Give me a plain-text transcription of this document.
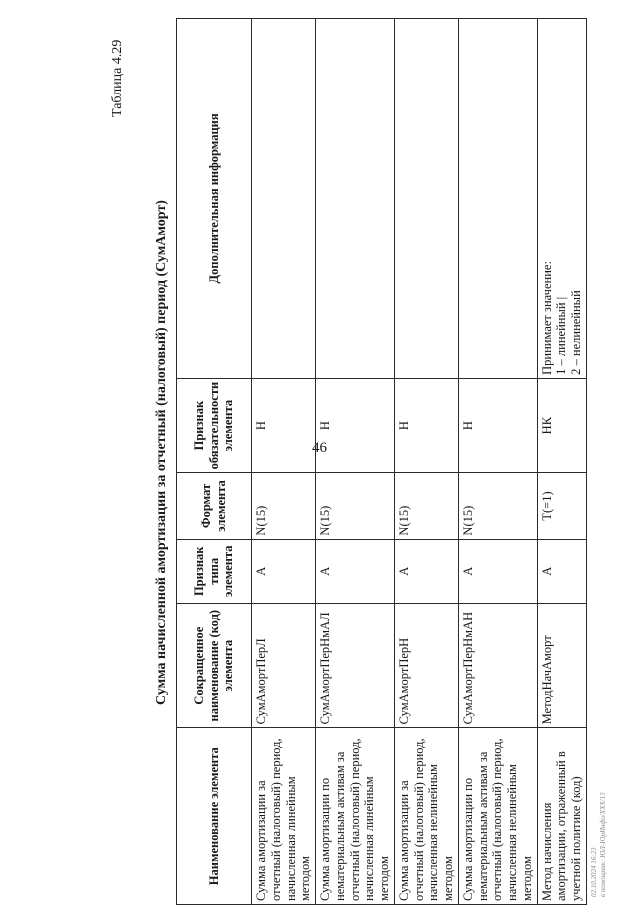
46
Таблица 4.29
Сумма начисленной амортизации за отчетный (налоговый) период (СумАморт)
Наименование элемента	Сокращенное наименование (код) элемента	Признак типа элемента	Формат элемента	Признак обязательности элемента	Дополнительная информация
Сумма амортизации за отчетный (налоговый) период, начисленная линейным методом	СумАмортПерЛ	А	N(15)	Н	
Сумма амортизации по нематериальным активам за отчетный (налоговый) период, начисленная линейным методом	СумАмортПерНмАЛ	А	N(15)	Н	
Сумма амортизации за отчетный (налоговый) период, начисленная нелинейным методом	СумАмортПерН	А	N(15)	Н	
Сумма амортизации по нематериальным активам за отчетный (налоговый) период, начисленная нелинейным методом	СумАмортПерНмАН	А	N(15)	Н	
Метод начисления амортизации, отраженный в учетной политике (код)	МетодНачАморт	А	T(=1)	НК	Принимает значение: 1 – линейный | 2 – нелинейный
02.10.2024 16:23 в помощник: ЮЛ-ЮрИнфо/ХХХ/13
